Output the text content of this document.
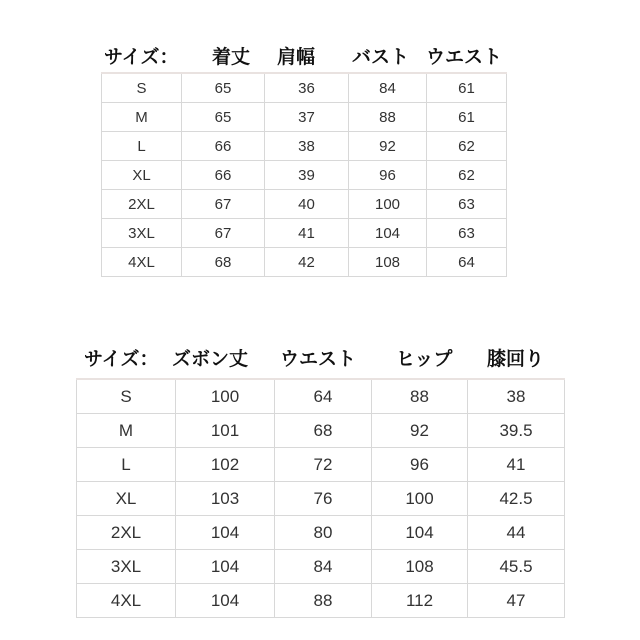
サイズ： 着丈 肩幅 バスト ウエスト
S	65	36	84	61
M	65	37	88	61
L	66	38	92	62
XL	66	39	96	62
2XL	67	40	100	63
3XL	67	41	104	63
4XL	68	42	108	64
サイズ： ズボン丈 ウエスト ヒップ 膝回り
S	100	64	88	38
M	101	68	92	39.5
L	102	72	96	41
XL	103	76	100	42.5
2XL	104	80	104	44
3XL	104	84	108	45.5
4XL	104	88	112	47
